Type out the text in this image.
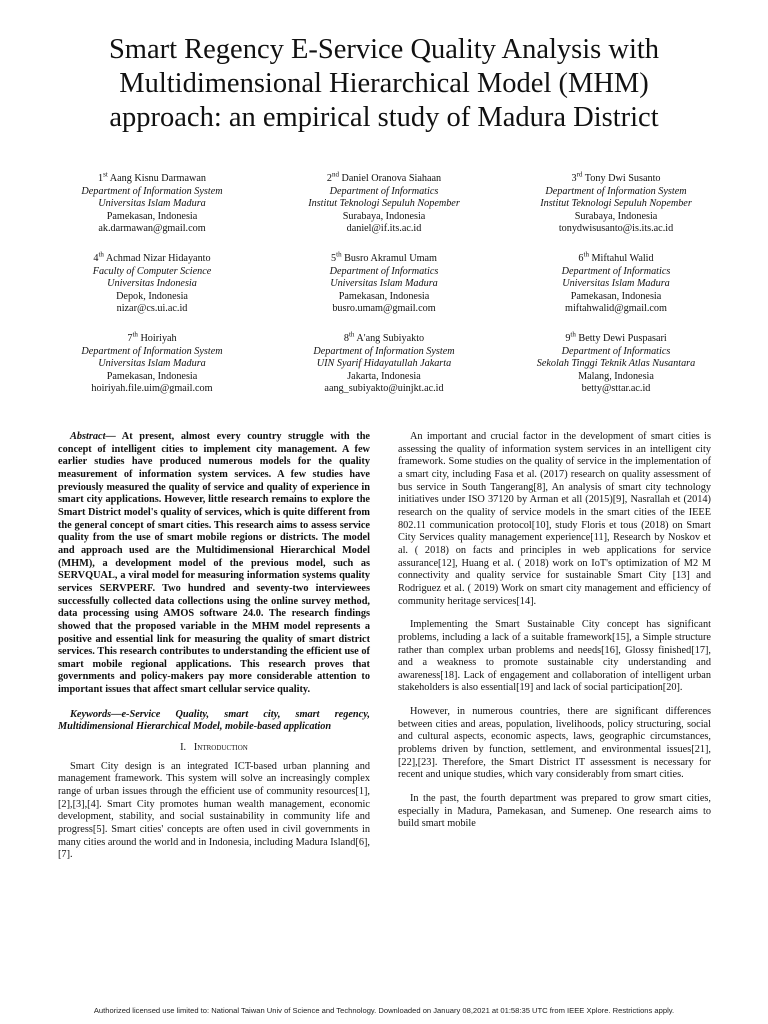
Smart Regency E-Service Quality Analysis with
Multidimensional Hierarchical Model (MHM)
approach: an empirical study of Madura District
1st Aang Kisnu Darmawan
Department of Information System
Universitas Islam Madura
Pamekasan, Indonesia
ak.darmawan@gmail.com
2nd Daniel Oranova Siahaan
Department of Informatics
Institut Teknologi Sepuluh Nopember
Surabaya, Indonesia
daniel@if.its.ac.id
3rd Tony Dwi Susanto
Department of Information System
Institut Teknologi Sepuluh Nopember
Surabaya, Indonesia
tonydwisusanto@is.its.ac.id
4th Achmad Nizar Hidayanto
Faculty of Computer Science
Universitas Indonesia
Depok, Indonesia
nizar@cs.ui.ac.id
5th Busro Akramul Umam
Department of Informatics
Universitas Islam Madura
Pamekasan, Indonesia
busro.umam@gmail.com
6th Miftahul Walid
Department of Informatics
Universitas Islam Madura
Pamekasan, Indonesia
miftahwalid@gmail.com
7th Hoiriyah
Department of Information System
Universitas Islam Madura
Pamekasan, Indonesia
hoiriyah.file.uim@gmail.com
8th A'ang Subiyakto
Department of Information System
UIN Syarif Hidayatullah Jakarta
Jakarta, Indonesia
aang_subiyakto@uinjkt.ac.id
9th Betty Dewi Puspasari
Department of Informatics
Sekolah Tinggi Teknik Atlas Nusantara
Malang, Indonesia
betty@sttar.ac.id

Abstract— At present, almost every country struggle with the concept of intelligent cities to implement city management. A few earlier studies have produced numerous models for the quality measurement of information system services. A few studies have previously measured the quality of service and quality of experience in smart city applications. However, little research remains to explore the Smart District model's quality of services, which is quite different from the general concept of smart cities. This research aims to assess service quality from the use of smart mobile regions or districts. The model and approach used are the Multidimensional Hierarchical Model (MHM), a development model of the previous model, such as SERVQUAL, a viral model for measuring information systems quality services SERVPERF. Two hundred and seventy-two interviewees successfully collected data collections using the online survey method, data processing using AMOS software 24.0. The research findings showed that the proposed variable in the MHM model represents a positive and essential link for measuring the quality of smart district services. This research contributes to understanding the efficient use of smart mobile regional applications. This research proves that governments and policy-makers pay more considerable attention to important issues that affect smart cellular service quality.

Keywords—e-Service Quality, smart city, smart regency, Multidimensional Hierarchical Model, mobile-based application

I. Introduction

Smart City design is an integrated ICT-based urban planning and management framework. This system will solve an increasingly complex range of urban issues through the efficient use of community resources[1],[2],[3],[4]. Smart City promotes human wealth management, economic development, stability, and social sustainability in community life and progress[5]. Smart cities' concepts are often used in civil governments in many cities around the world and in Indonesia, including Madura Island[6], [7].

An important and crucial factor in the development of smart cities is assessing the quality of information system services in an intelligent city framework. Some studies on the quality of service in the implementation of a smart city, including Fasa et al. (2017) research on quality assessment of bus service in South Tangerang[8], An analysis of smart city technology initiatives under ISO 37120 by Arman et all (2015)[9], Nasrallah et (2014) research on the quality of service models in the smart cities of the IEEE 802.11 communication protocol[10], study Floris et tous (2018) on Smart City Services quality management experience[11], Research by Noskov et al. ( 2018) on facts and principles in web applications for service assurance[12], Huang et al. ( 2018) work on IoT's optimization of M2 M connectivity and quality service for sustainable Smart City [13] and Rodriguez et al. ( 2019) Work on smart city management and efficiency of community heritage services[14].

Implementing the Smart Sustainable City concept has significant problems, including a lack of a suitable framework[15], a Simple structure rather than complex urban problems and needs[16], Glossy finished[17], and a weakness to promote sustainable city understanding and awareness[18]. Lack of engagement and collaboration of intelligent urban stakeholders is also essential[19] and lack of social participation[20].

However, in numerous countries, there are significant differences between cities and areas, population, livelihoods, policy structuring, social and cultural aspects, economic aspects, laws, geographic circumstances, problems driven by function, settlement, and environmental issues[21],[22],[23]. Therefore, the Smart District IT assessment is necessary for recent and unique studies, which vary considerably from smart cities.

In the past, the fourth department was prepared to grow smart cities, especially in Madura, Pamekasan, and Sumenep. One research aims to build smart mobile

Authorized licensed use limited to: National Taiwan Univ of Science and Technology. Downloaded on January 08,2021 at 01:58:35 UTC from IEEE Xplore. Restrictions apply.
